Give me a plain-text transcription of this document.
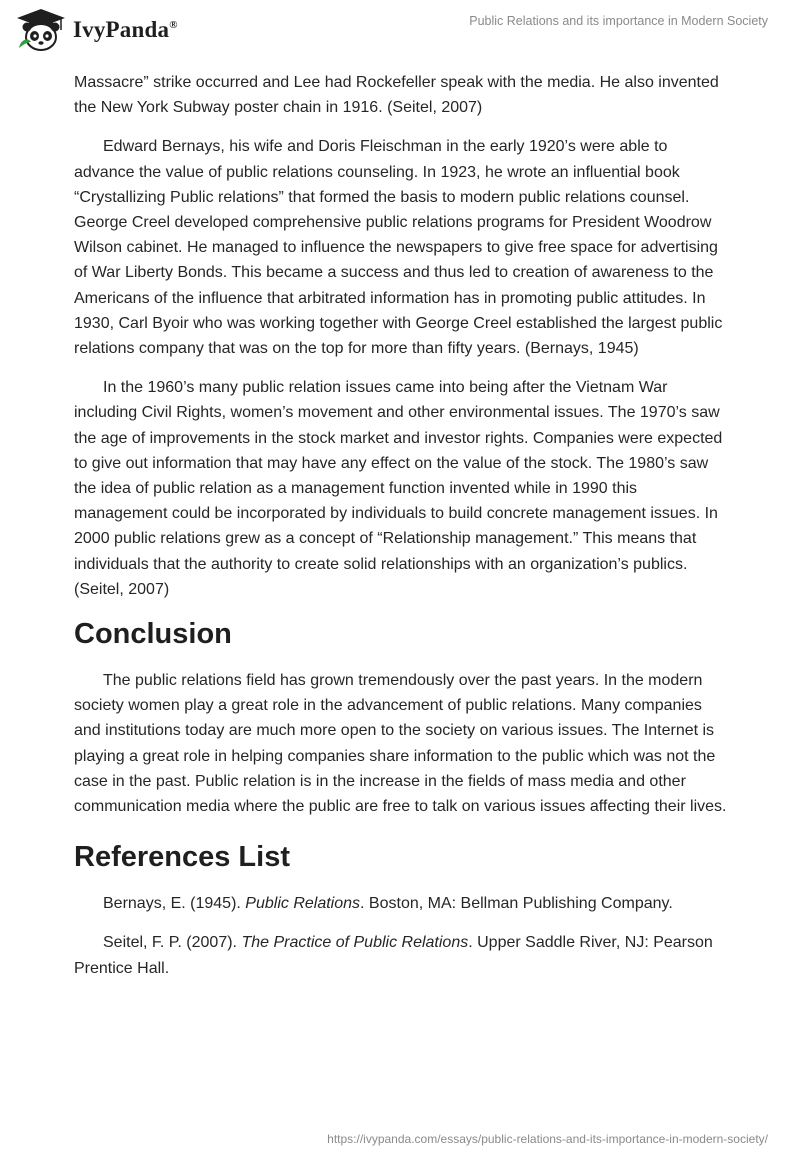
IvyPanda®	Public Relations and its importance in Modern Society

Massacre” strike occurred and Lee had Rockefeller speak with the media. He also invented the New York Subway poster chain in 1916. (Seitel, 2007)

Edward Bernays, his wife and Doris Fleischman in the early 1920’s were able to advance the value of public relations counseling. In 1923, he wrote an influential book “Crystallizing Public relations” that formed the basis to modern public relations counsel. George Creel developed comprehensive public relations programs for President Woodrow Wilson cabinet. He managed to influence the newspapers to give free space for advertising of War Liberty Bonds. This became a success and thus led to creation of awareness to the Americans of the influence that arbitrated information has in promoting public attitudes. In 1930, Carl Byoir who was working together with George Creel established the largest public relations company that was on the top for more than fifty years. (Bernays, 1945)

In the 1960’s many public relation issues came into being after the Vietnam War including Civil Rights, women’s movement and other environmental issues. The 1970’s saw the age of improvements in the stock market and investor rights. Companies were expected to give out information that may have any effect on the value of the stock. The 1980’s saw the idea of public relation as a management function invented while in 1990 this management could be incorporated by individuals to build concrete management issues. In 2000 public relations grew as a concept of “Relationship management.” This means that individuals that the authority to create solid relationships with an organization’s publics. (Seitel, 2007)

Conclusion

The public relations field has grown tremendously over the past years. In the modern society women play a great role in the advancement of public relations. Many companies and institutions today are much more open to the society on various issues. The Internet is playing a great role in helping companies share information to the public which was not the case in the past. Public relation is in the increase in the fields of mass media and other communication media where the public are free to talk on various issues affecting their lives.

References List

Bernays, E. (1945). Public Relations. Boston, MA: Bellman Publishing Company.

Seitel, F. P. (2007). The Practice of Public Relations. Upper Saddle River, NJ: Pearson Prentice Hall.

https://ivypanda.com/essays/public-relations-and-its-importance-in-modern-society/
